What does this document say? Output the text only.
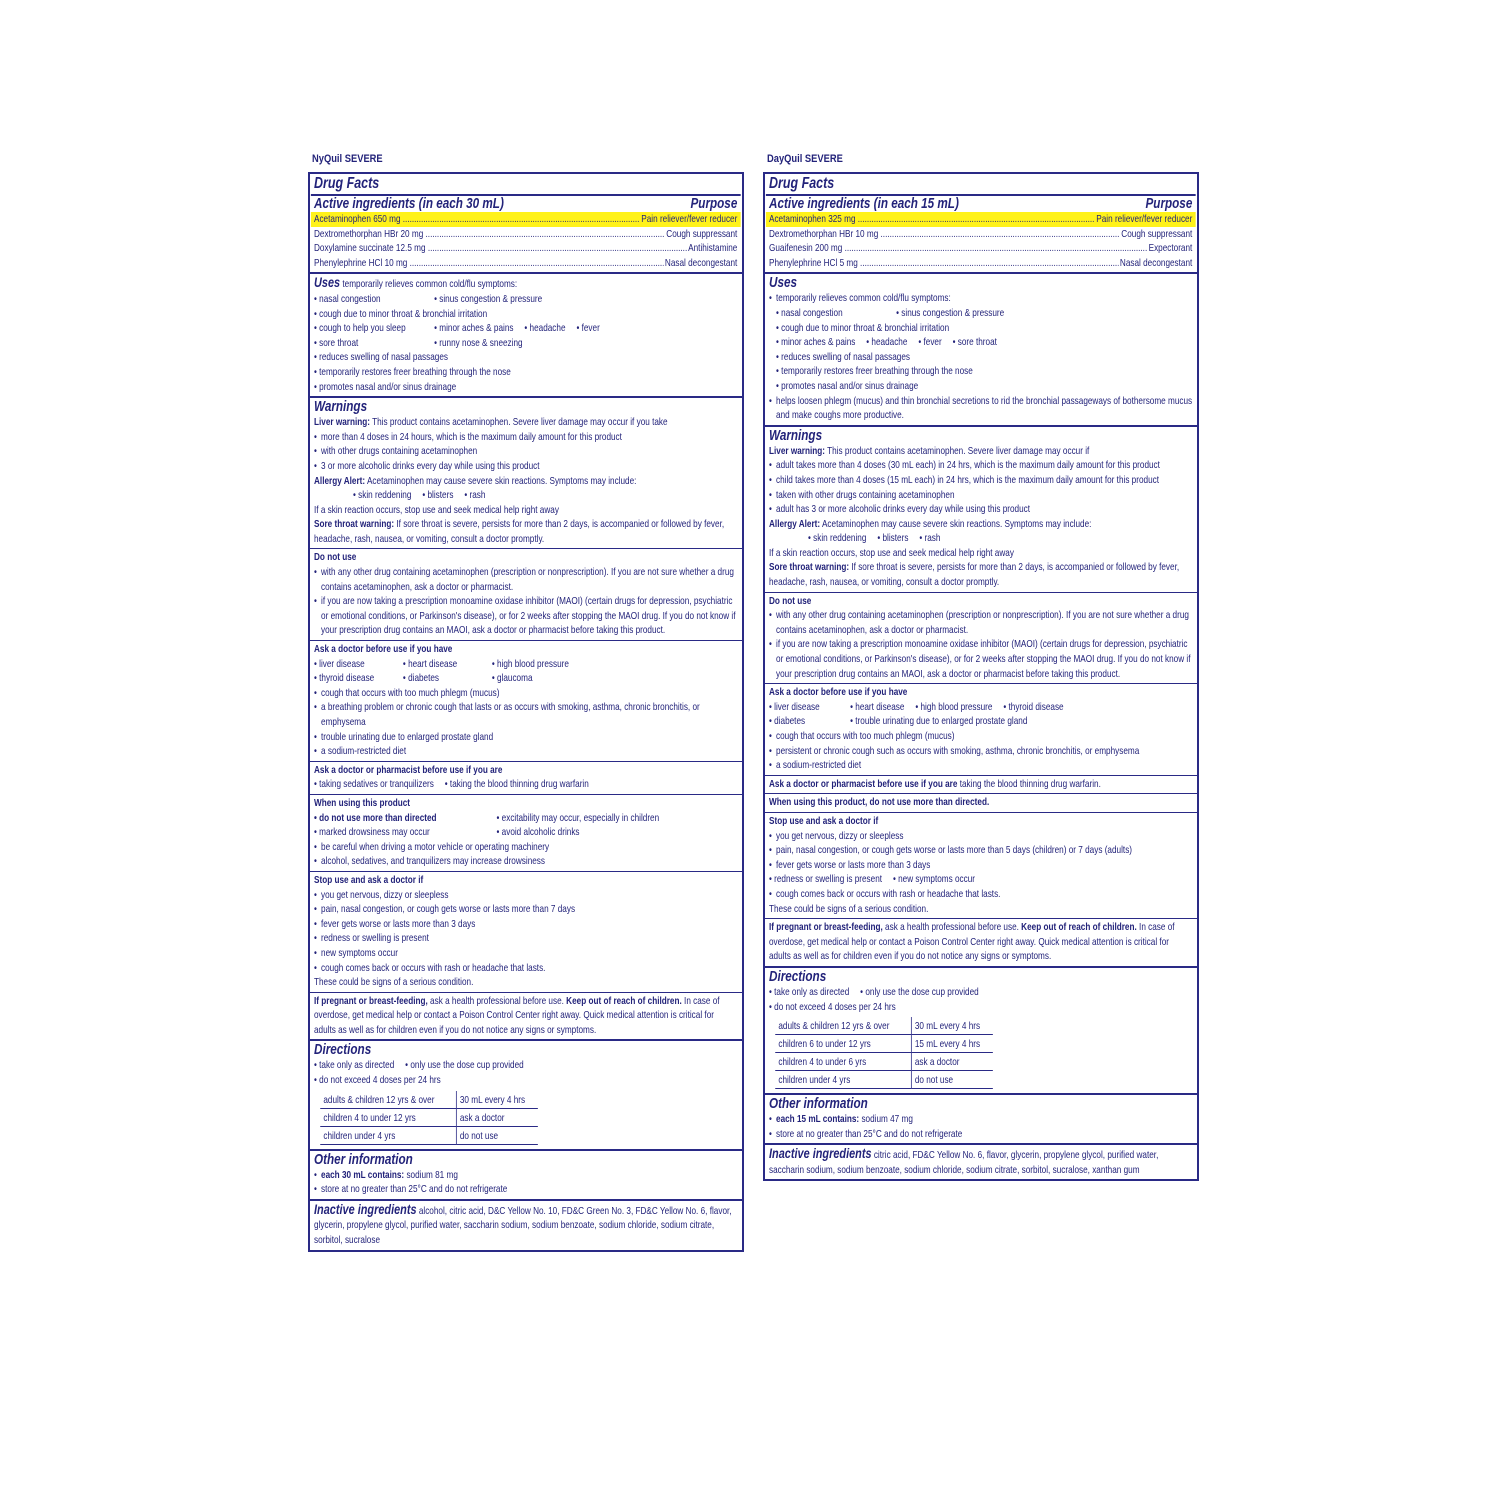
NyQuil SEVERE
Drug Facts
Active ingredients (in each 30 mL)	Purpose
Acetaminophen 650 mg .....	Pain reliever/fever reducer
Dextromethorphan HBr 20 mg .....	Cough suppressant
Doxylamine succinate 12.5 mg .....	Antihistamine
Phenylephrine HCl 10 mg .....	Nasal decongestant
Uses temporarily relieves common cold/flu symptoms:
• nasal congestion	• sinus congestion & pressure
• cough due to minor throat & bronchial irritation
• cough to help you sleep	• minor aches & pains	• headache	• fever
• sore throat	• runny nose & sneezing
• reduces swelling of nasal passages
• temporarily restores freer breathing through the nose
• promotes nasal and/or sinus drainage
Warnings
Liver warning: This product contains acetaminophen. Severe liver damage may occur if you take
•
more than 4 doses in 24 hours, which is the maximum daily amount for this product
•
with other drugs containing acetaminophen
•
3 or more alcoholic drinks every day while using this product
Allergy Alert: Acetaminophen may cause severe skin reactions. Symptoms may include:
• skin reddening	• blisters	• rash
If a skin reaction occurs, stop use and seek medical help right away
Sore throat warning: If sore throat is severe, persists for more than 2 days, is accompanied or followed by fever, headache, rash, nausea, or vomiting, consult a doctor promptly.
Do not use
•
with any other drug containing acetaminophen (prescription or nonprescription). If you are not sure whether a drug contains acetaminophen, ask a doctor or pharmacist.
•
if you are now taking a prescription monoamine oxidase inhibitor (MAOI) (certain drugs for depression, psychiatric or emotional conditions, or Parkinson's disease), or for 2 weeks after stopping the MAOI drug. If you do not know if your prescription drug contains an MAOI, ask a doctor or pharmacist before taking this product.
Ask a doctor before use if you have
• liver disease	• heart disease	• high blood pressure
• thyroid disease	• diabetes	• glaucoma
•
cough that occurs with too much phlegm (mucus)
•
a breathing problem or chronic cough that lasts or as occurs with smoking, asthma, chronic bronchitis, or emphysema
•
trouble urinating due to enlarged prostate gland
•
a sodium-restricted diet
Ask a doctor or pharmacist before use if you are
• taking sedatives or tranquilizers	• taking the blood thinning drug warfarin
When using this product
• do not use more than directed	• excitability may occur, especially in children
• marked drowsiness may occur	• avoid alcoholic drinks
•
be careful when driving a motor vehicle or operating machinery
•
alcohol, sedatives, and tranquilizers may increase drowsiness
Stop use and ask a doctor if
•
you get nervous, dizzy or sleepless
•
pain, nasal congestion, or cough gets worse or lasts more than 7 days
•
fever gets worse or lasts more than 3 days
•
redness or swelling is present
•
new symptoms occur
•
cough comes back or occurs with rash or headache that lasts.
These could be signs of a serious condition.
If pregnant or breast-feeding, ask a health professional before use. Keep out of reach of children. In case of overdose, get medical help or contact a Poison Control Center right away. Quick medical attention is critical for adults as well as for children even if you do not notice any signs or symptoms.
Directions
• take only as directed	• only use the dose cup provided
• do not exceed 4 doses per 24 hrs
adults & children 12 yrs & over	30 mL every 4 hrs
children 4 to under 12 yrs	ask a doctor
children under 4 yrs	do not use
Other information
•
each 30 mL contains: sodium 81 mg
•
store at no greater than 25°C and do not refrigerate
Inactive ingredients alcohol, citric acid, D&C Yellow No. 10, FD&C Green No. 3, FD&C Yellow No. 6, flavor, glycerin, propylene glycol, purified water, saccharin sodium, sodium benzoate, sodium chloride, sodium citrate, sorbitol, sucralose
DayQuil SEVERE
Drug Facts
Active ingredients (in each 15 mL)	Purpose
Acetaminophen 325 mg .....	Pain reliever/fever reducer
Dextromethorphan HBr 10 mg .....	Cough suppressant
Guaifenesin 200 mg .....	Expectorant
Phenylephrine HCl 5 mg .....	Nasal decongestant
Uses
•
temporarily relieves common cold/flu symptoms:
• nasal congestion	• sinus congestion & pressure
• cough due to minor throat & bronchial irritation
• minor aches & pains	• headache	• fever	• sore throat
• reduces swelling of nasal passages
• temporarily restores freer breathing through the nose
• promotes nasal and/or sinus drainage
•
helps loosen phlegm (mucus) and thin bronchial secretions to rid the bronchial passageways of bothersome mucus and make coughs more productive.
Warnings
Liver warning: This product contains acetaminophen. Severe liver damage may occur if
•
adult takes more than 4 doses (30 mL each) in 24 hrs, which is the maximum daily amount for this product
•
child takes more than 4 doses (15 mL each) in 24 hrs, which is the maximum daily amount for this product
•
taken with other drugs containing acetaminophen
•
adult has 3 or more alcoholic drinks every day while using this product
Allergy Alert: Acetaminophen may cause severe skin reactions. Symptoms may include:
• skin reddening	• blisters	• rash
If a skin reaction occurs, stop use and seek medical help right away
Sore throat warning: If sore throat is severe, persists for more than 2 days, is accompanied or followed by fever, headache, rash, nausea, or vomiting, consult a doctor promptly.
Do not use
•
with any other drug containing acetaminophen (prescription or nonprescription). If you are not sure whether a drug contains acetaminophen, ask a doctor or pharmacist.
•
if you are now taking a prescription monoamine oxidase inhibitor (MAOI) (certain drugs for depression, psychiatric or emotional conditions, or Parkinson's disease), or for 2 weeks after stopping the MAOI drug. If you do not know if your prescription drug contains an MAOI, ask a doctor or pharmacist before taking this product.
Ask a doctor before use if you have
• liver disease	• heart disease	• high blood pressure	• thyroid disease
• diabetes	• trouble urinating due to enlarged prostate gland
•
cough that occurs with too much phlegm (mucus)
•
persistent or chronic cough such as occurs with smoking, asthma, chronic bronchitis, or emphysema
•
a sodium-restricted diet
Ask a doctor or pharmacist before use if you are taking the blood thinning drug warfarin.
When using this product, do not use more than directed.
Stop use and ask a doctor if
•
you get nervous, dizzy or sleepless
•
pain, nasal congestion, or cough gets worse or lasts more than 5 days (children) or 7 days (adults)
•
fever gets worse or lasts more than 3 days
• redness or swelling is present	• new symptoms occur
•
cough comes back or occurs with rash or headache that lasts.
These could be signs of a serious condition.
If pregnant or breast-feeding, ask a health professional before use. Keep out of reach of children. In case of overdose, get medical help or contact a Poison Control Center right away. Quick medical attention is critical for adults as well as for children even if you do not notice any signs or symptoms.
Directions
• take only as directed	• only use the dose cup provided
• do not exceed 4 doses per 24 hrs
adults & children 12 yrs & over	30 mL every 4 hrs
children 6 to under 12 yrs	15 mL every 4 hrs
children 4 to under 6 yrs	ask a doctor
children under 4 yrs	do not use
Other information
•
each 15 mL contains: sodium 47 mg
•
store at no greater than 25°C and do not refrigerate
Inactive ingredients citric acid, FD&C Yellow No. 6, flavor, glycerin, propylene glycol, purified water, saccharin sodium, sodium benzoate, sodium chloride, sodium citrate, sorbitol, sucralose, xanthan gum
